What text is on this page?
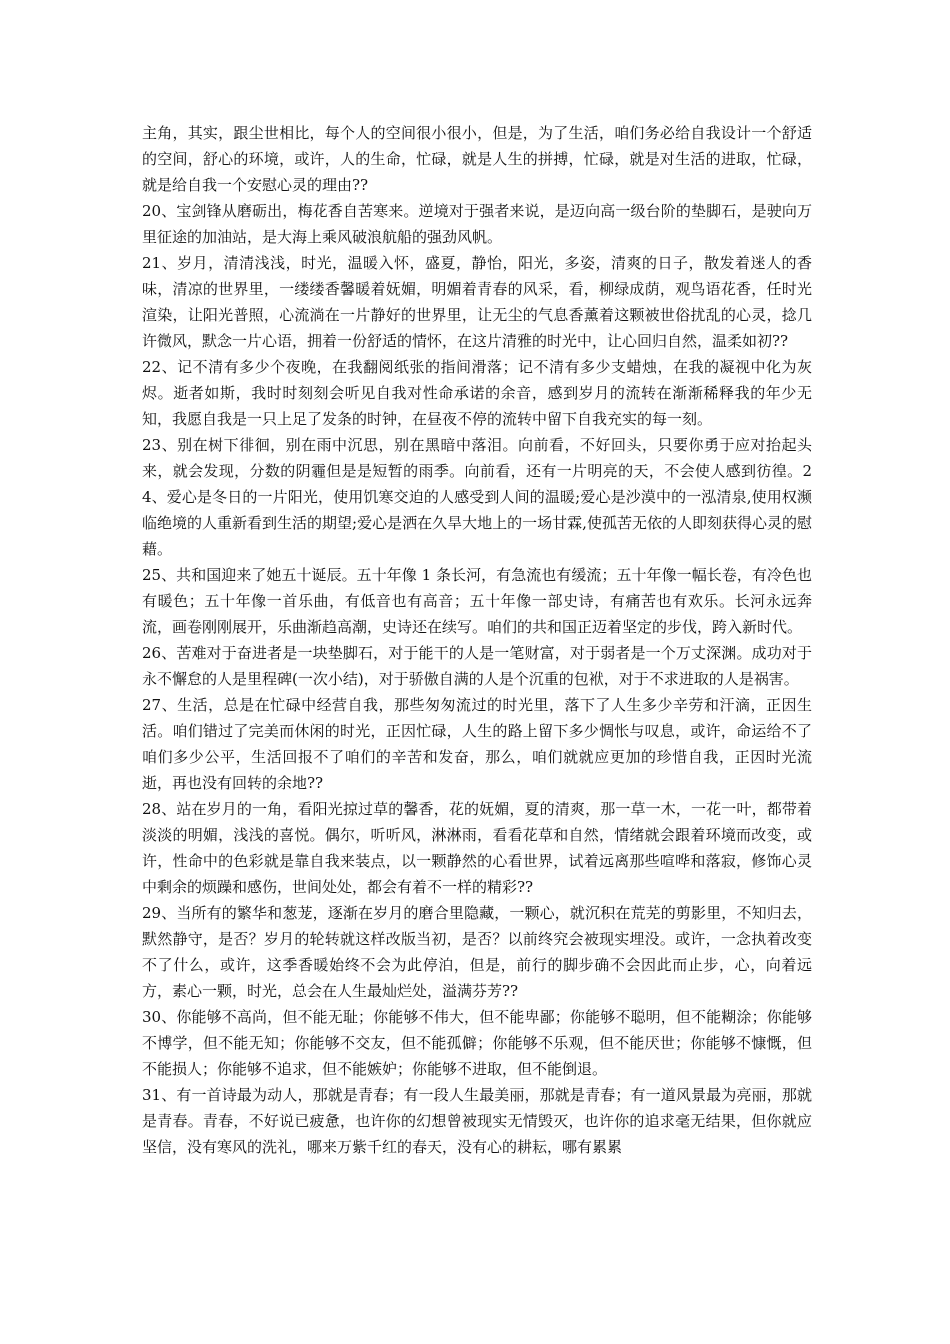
主角，其实，跟尘世相比，每个人的空间很小很小，但是，为了生活，咱们务必给自我设计一个舒适的空间，舒心的环境，或许，人的生命，忙碌，就是人生的拼搏，忙碌，就是对生活的进取，忙碌，就是给自我一个安慰心灵的理由??

20、宝剑锋从磨砺出，梅花香自苦寒来。逆境对于强者来说，是迈向高一级台阶的垫脚石，是驶向万里征途的加油站，是大海上乘风破浪航船的强劲风帆。

21、岁月，清清浅浅，时光，温暖入怀，盛夏，静怡，阳光，多姿，清爽的日子，散发着迷人的香味，清凉的世界里，一缕缕香馨暖着妩媚，明媚着青春的风采，看，柳绿成荫，观鸟语花香，任时光渲染，让阳光普照，心流淌在一片静好的世界里，让无尘的气息香薰着这颗被世俗扰乱的心灵，捻几许微风，默念一片心语，拥着一份舒适的情怀，在这片清雅的时光中，让心回归自然，温柔如初??

22、记不清有多少个夜晚，在我翻阅纸张的指间滑落；记不清有多少支蜡烛，在我的凝视中化为灰烬。逝者如斯，我时时刻刻会听见自我对性命承诺的余音，感到岁月的流转在渐渐稀释我的年少无知，我愿自我是一只上足了发条的时钟，在昼夜不停的流转中留下自我充实的每一刻。

23、别在树下徘徊，别在雨中沉思，别在黑暗中落泪。向前看，不好回头，只要你勇于应对抬起头来，就会发现，分数的阴霾但是是短暂的雨季。向前看，还有一片明亮的天，不会使人感到彷徨。24、爱心是冬日的一片阳光，使用饥寒交迫的人感受到人间的温暖;爱心是沙漠中的一泓清泉,使用权濒临绝境的人重新看到生活的期望;爱心是洒在久旱大地上的一场甘霖,使孤苦无依的人即刻获得心灵的慰藉。

25、共和国迎来了她五十诞辰。五十年像 1 条长河，有急流也有缓流；五十年像一幅长卷，有冷色也有暖色；五十年像一首乐曲，有低音也有高音；五十年像一部史诗，有痛苦也有欢乐。长河永远奔流，画卷刚刚展开，乐曲渐趋高潮，史诗还在续写。咱们的共和国正迈着坚定的步伐，跨入新时代。

26、苦难对于奋进者是一块垫脚石，对于能干的人是一笔财富，对于弱者是一个万丈深渊。成功对于永不懈怠的人是里程碑(一次小结)，对于骄傲自满的人是个沉重的包袱，对于不求进取的人是祸害。

27、生活，总是在忙碌中经营自我，那些匆匆流过的时光里，落下了人生多少辛劳和汗滴，正因生活。咱们错过了完美而休闲的时光，正因忙碌，人生的路上留下多少惆怅与叹息，或许，命运给不了咱们多少公平，生活回报不了咱们的辛苦和发奋，那么，咱们就就应更加的珍惜自我，正因时光流逝，再也没有回转的余地??

28、站在岁月的一角，看阳光掠过草的馨香，花的妩媚，夏的清爽，那一草一木，一花一叶，都带着淡淡的明媚，浅浅的喜悦。偶尔，听听风，淋淋雨，看看花草和自然，情绪就会跟着环境而改变，或许，性命中的色彩就是靠自我来装点，以一颗静然的心看世界，试着远离那些喧哗和落寂，修饰心灵中剩余的烦躁和感伤，世间处处，都会有着不一样的精彩??

29、当所有的繁华和葱茏，逐渐在岁月的磨合里隐藏，一颗心，就沉积在荒芜的剪影里，不知归去，默然静守，是否？岁月的轮转就这样改版当初，是否？以前终究会被现实埋没。或许，一念执着改变不了什么，或许，这季香暖始终不会为此停泊，但是，前行的脚步确不会因此而止步，心，向着远方，素心一颗，时光，总会在人生最灿烂处，溢满芬芳??

30、你能够不高尚，但不能无耻；你能够不伟大，但不能卑鄙；你能够不聪明，但不能糊涂；你能够不博学，但不能无知；你能够不交友，但不能孤僻；你能够不乐观，但不能厌世；你能够不慷慨，但不能损人；你能够不追求，但不能嫉妒；你能够不进取，但不能倒退。

31、有一首诗最为动人，那就是青春；有一段人生最美丽，那就是青春；有一道风景最为亮丽，那就是青春。青春，不好说已疲惫，也许你的幻想曾被现实无情毁灭，也许你的追求毫无结果，但你就应坚信，没有寒风的洗礼，哪来万紫千红的春天，没有心的耕耘，哪有累累
